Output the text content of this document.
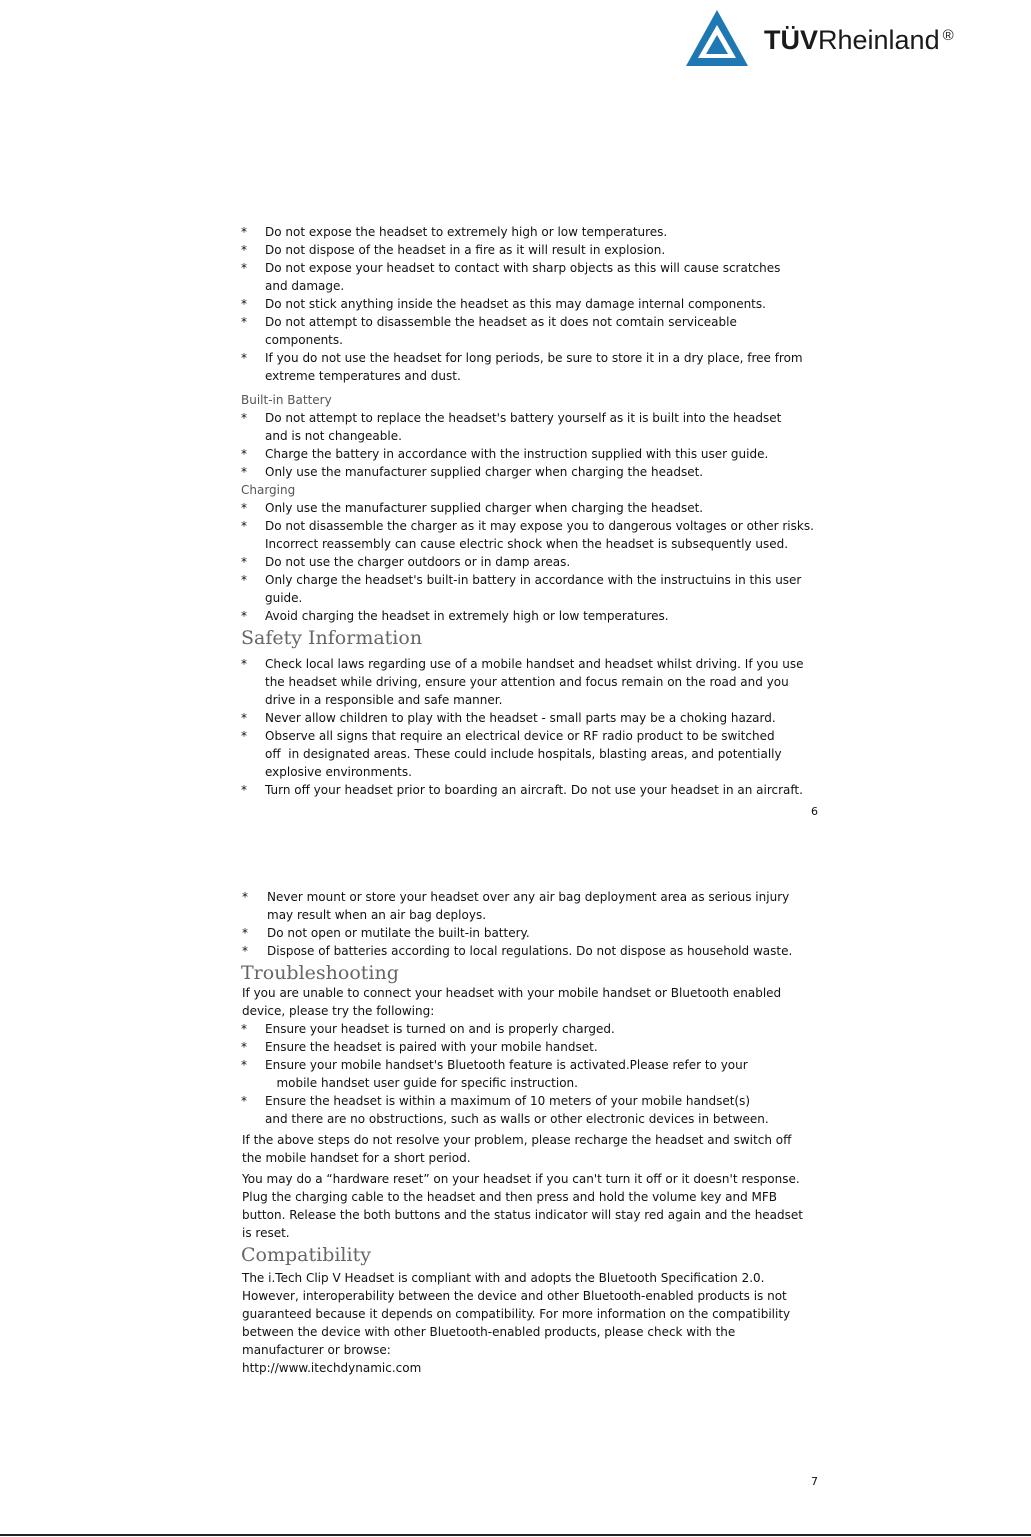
TÜVRheinland ®
* Do not expose the headset to extremely high or low temperatures.
* Do not dispose of the headset in a fire as it will result in explosion.
* Do not expose your headset to contact with sharp objects as this will cause scratches
and damage.
* Do not stick anything inside the headset as this may damage internal components.
* Do not attempt to disassemble the headset as it does not comtain serviceable
components.
* If you do not use the headset for long periods, be sure to store it in a dry place, free from
extreme temperatures and dust.
Built-in Battery
* Do not attempt to replace the headset's battery yourself as it is built into the headset
and is not changeable.
* Charge the battery in accordance with the instruction supplied with this user guide.
* Only use the manufacturer supplied charger when charging the headset.
Charging
* Only use the manufacturer supplied charger when charging the headset.
* Do not disassemble the charger as it may expose you to dangerous voltages or other risks.
Incorrect reassembly can cause electric shock when the headset is subsequently used.
* Do not use the charger outdoors or in damp areas.
* Only charge the headset's built-in battery in accordance with the instructuins in this user
guide.
* Avoid charging the headset in extremely high or low temperatures.
Safety Information
* Check local laws regarding use of a mobile handset and headset whilst driving. If you use
the headset while driving, ensure your attention and focus remain on the road and you
drive in a responsible and safe manner.
* Never allow children to play with the headset - small parts may be a choking hazard.
* Observe all signs that require an electrical device or RF radio product to be switched
off  in designated areas. These could include hospitals, blasting areas, and potentially
explosive environments.
* Turn off your headset prior to boarding an aircraft. Do not use your headset in an aircraft.
6
* Never mount or store your headset over any air bag deployment area as serious injury
may result when an air bag deploys.
* Do not open or mutilate the built-in battery.
* Dispose of batteries according to local regulations. Do not dispose as household waste.
Troubleshooting
If you are unable to connect your headset with your mobile handset or Bluetooth enabled
device, please try the following:
* Ensure your headset is turned on and is properly charged.
* Ensure the headset is paired with your mobile handset.
* Ensure your mobile handset's Bluetooth feature is activated.Please refer to your
mobile handset user guide for specific instruction.
* Ensure the headset is within a maximum of 10 meters of your mobile handset(s)
and there are no obstructions, such as walls or other electronic devices in between.
If the above steps do not resolve your problem, please recharge the headset and switch off
the mobile handset for a short period.
You may do a “hardware reset” on your headset if you can't turn it off or it doesn't response.
Plug the charging cable to the headset and then press and hold the volume key and MFB
button. Release the both buttons and the status indicator will stay red again and the headset
is reset.
Compatibility
The i.Tech Clip V Headset is compliant with and adopts the Bluetooth Specification 2.0.
However, interoperability between the device and other Bluetooth-enabled products is not
guaranteed because it depends on compatibility. For more information on the compatibility
between the device with other Bluetooth-enabled products, please check with the
manufacturer or browse:
http://www.itechdynamic.com
7
